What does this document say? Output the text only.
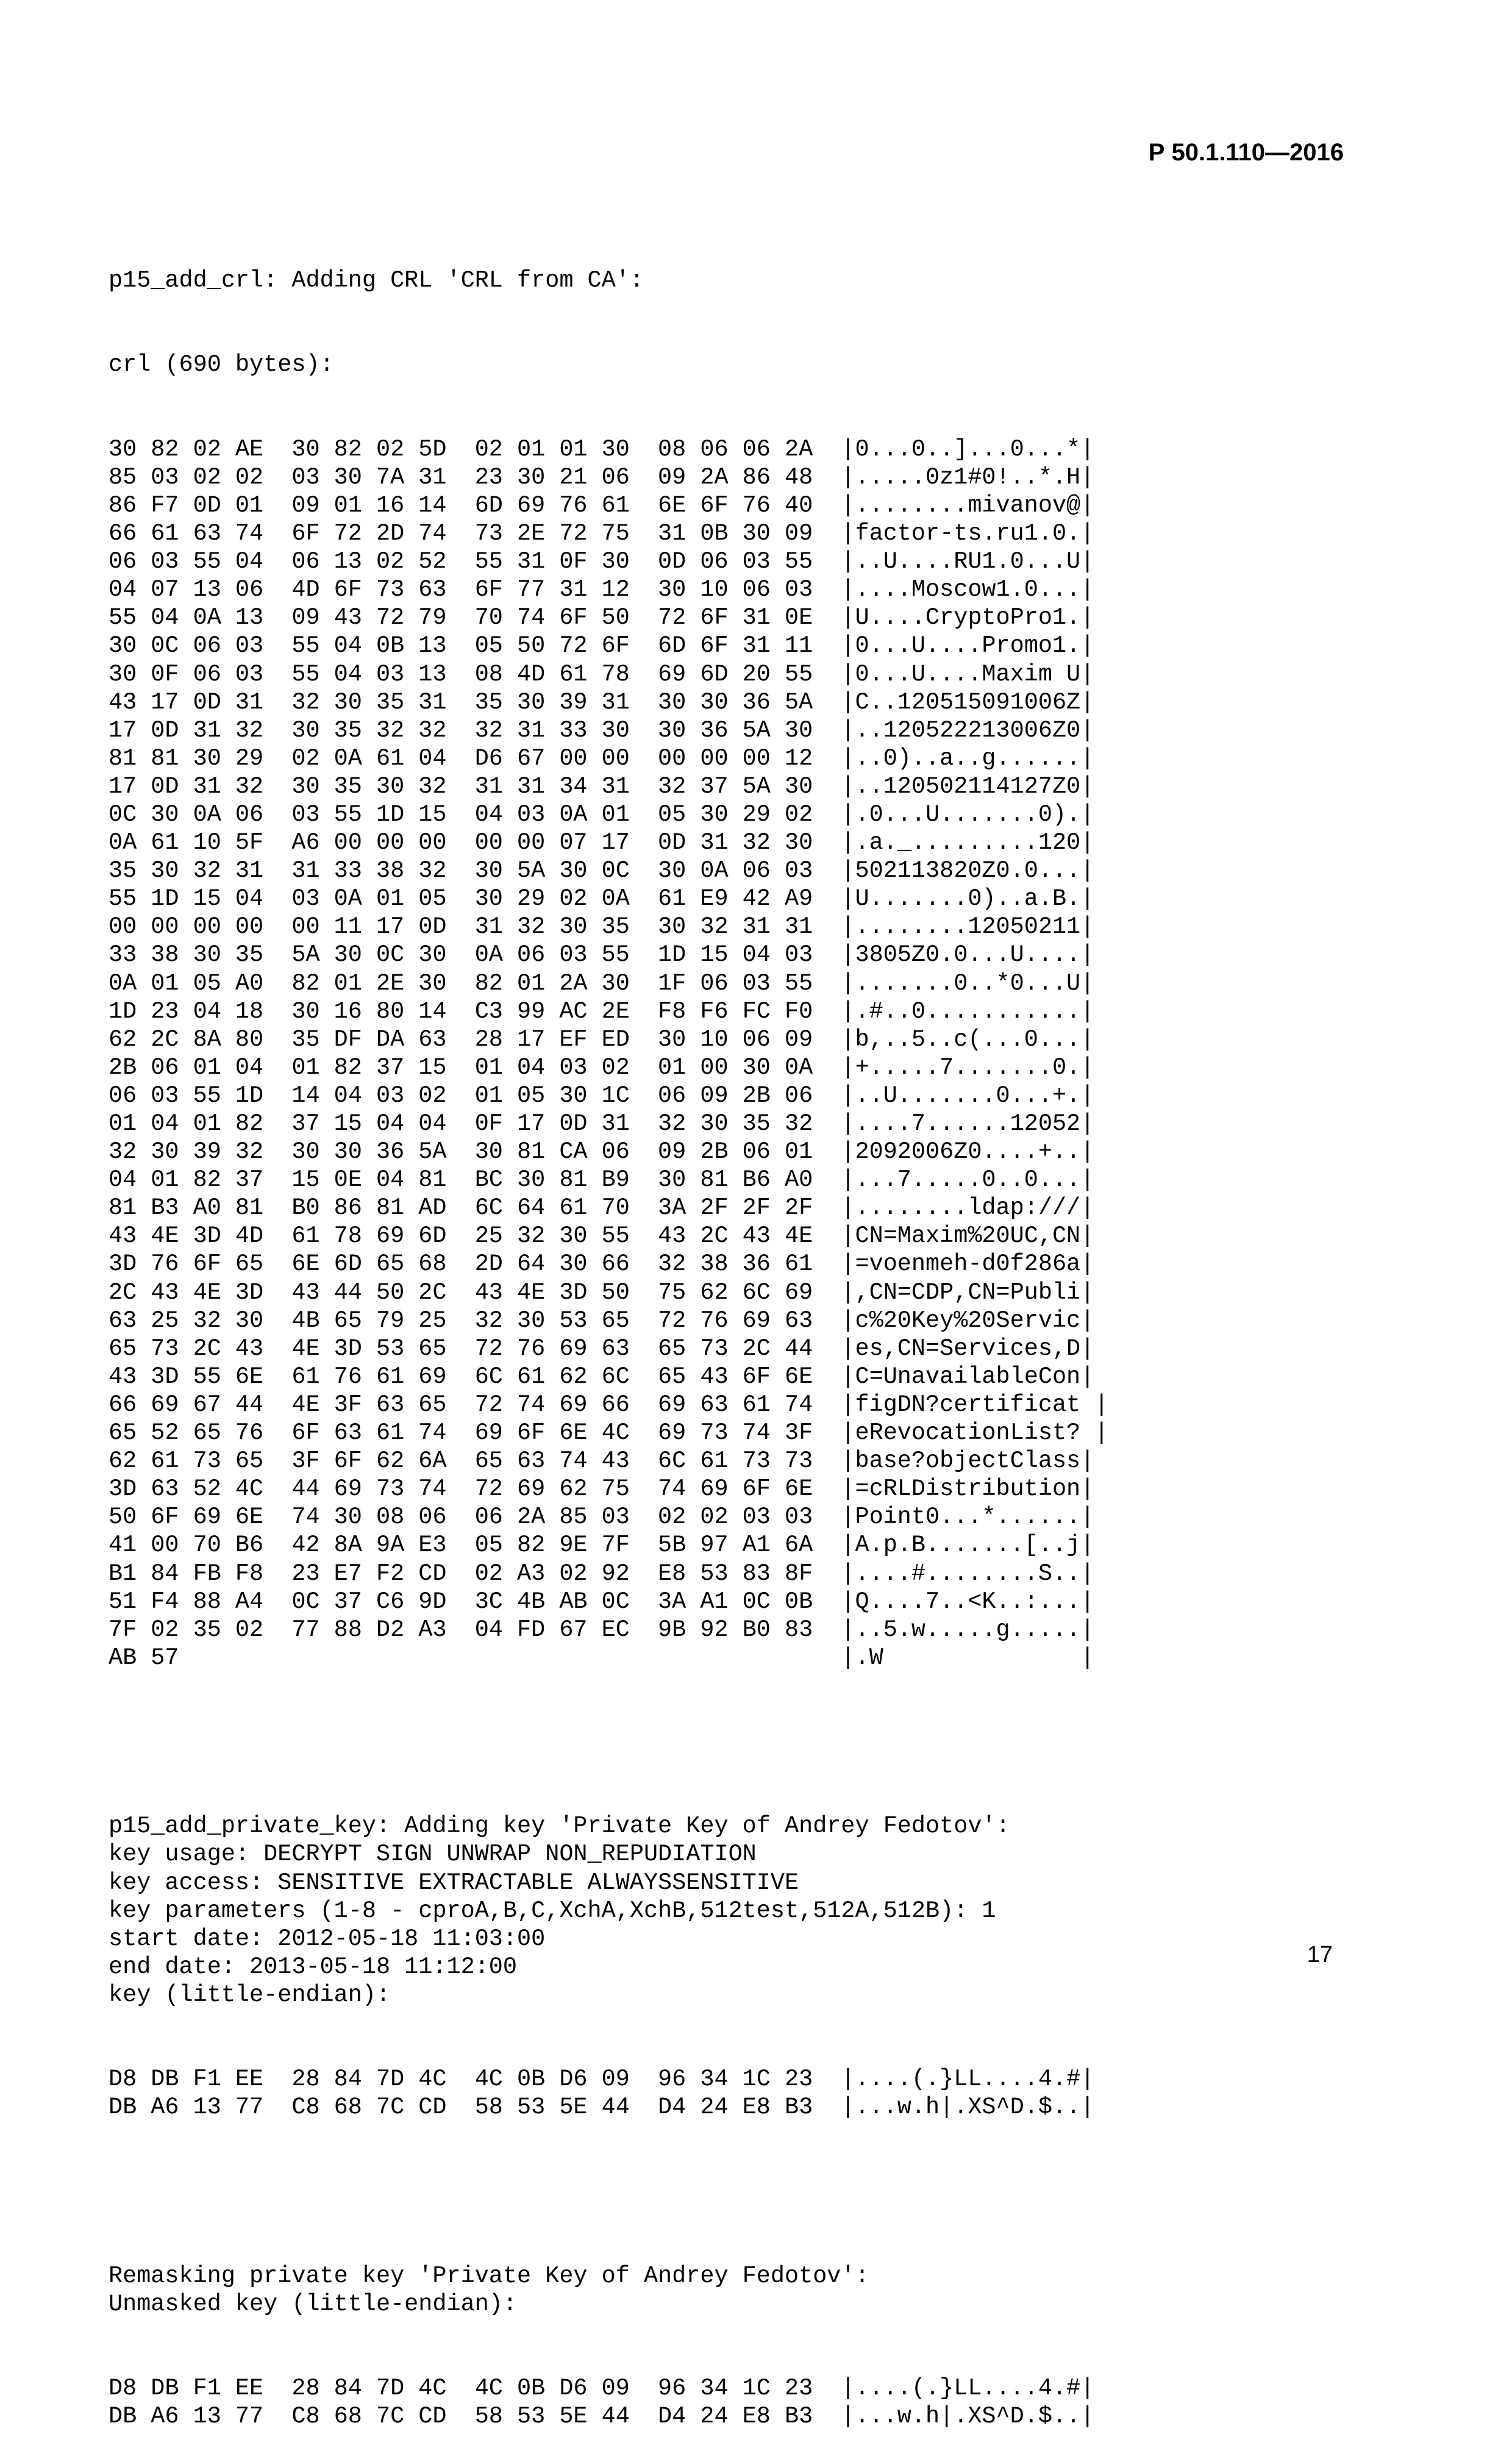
Р 50.1.110—2016

p15_add_crl: Adding CRL 'CRL from CA':

crl (690 bytes):

30 82 02 AE  30 82 02 5D  02 01 01 30  08 06 06 2A  |0...0..]...0...*|
85 03 02 02  03 30 7A 31  23 30 21 06  09 2A 86 48  |.....0z1#0!..*.H|
86 F7 0D 01  09 01 16 14  6D 69 76 61  6E 6F 76 40  |........mivanov@|
66 61 63 74  6F 72 2D 74  73 2E 72 75  31 0B 30 09  |factor-ts.ru1.0.|
06 03 55 04  06 13 02 52  55 31 0F 30  0D 06 03 55  |..U....RU1.0...U|
04 07 13 06  4D 6F 73 63  6F 77 31 12  30 10 06 03  |....Moscow1.0...|
55 04 0A 13  09 43 72 79  70 74 6F 50  72 6F 31 0E  |U....CryptoPro1.|
30 0C 06 03  55 04 0B 13  05 50 72 6F  6D 6F 31 11  |0...U....Promo1.|
30 0F 06 03  55 04 03 13  08 4D 61 78  69 6D 20 55  |0...U....Maxim U|
43 17 0D 31  32 30 35 31  35 30 39 31  30 30 36 5A  |C..120515091006Z|
17 0D 31 32  30 35 32 32  32 31 33 30  30 36 5A 30  |..120522213006Z0|
81 81 30 29  02 0A 61 04  D6 67 00 00  00 00 00 12  |..0)..a..g......|
17 0D 31 32  30 35 30 32  31 31 34 31  32 37 5A 30  |..120502114127Z0|
0C 30 0A 06  03 55 1D 15  04 03 0A 01  05 30 29 02  |.0...U.......0).|
0A 61 10 5F  A6 00 00 00  00 00 07 17  0D 31 32 30  |.a._.........120|
35 30 32 31  31 33 38 32  30 5A 30 0C  30 0A 06 03  |502113820Z0.0...|
55 1D 15 04  03 0A 01 05  30 29 02 0A  61 E9 42 A9  |U.......0)..a.B.|
00 00 00 00  00 11 17 0D  31 32 30 35  30 32 31 31  |........12050211|
33 38 30 35  5A 30 0C 30  0A 06 03 55  1D 15 04 03  |3805Z0.0...U....|
0A 01 05 A0  82 01 2E 30  82 01 2A 30  1F 06 03 55  |.......0..*0...U|
1D 23 04 18  30 16 80 14  C3 99 AC 2E  F8 F6 FC F0  |.#..0...........|
62 2C 8A 80  35 DF DA 63  28 17 EF ED  30 10 06 09  |b,..5..c(...0...|
2B 06 01 04  01 82 37 15  01 04 03 02  01 00 30 0A  |+.....7.......0.|
06 03 55 1D  14 04 03 02  01 05 30 1C  06 09 2B 06  |..U.......0...+.|
01 04 01 82  37 15 04 04  0F 17 0D 31  32 30 35 32  |....7......12052|
32 30 39 32  30 30 36 5A  30 81 CA 06  09 2B 06 01  |2092006Z0....+..|
04 01 82 37  15 0E 04 81  BC 30 81 B9  30 81 B6 A0  |...7.....0..0...|
81 B3 A0 81  B0 86 81 AD  6C 64 61 70  3A 2F 2F 2F  |........ldap:///|
43 4E 3D 4D  61 78 69 6D  25 32 30 55  43 2C 43 4E  |CN=Maxim%20UC,CN|
3D 76 6F 65  6E 6D 65 68  2D 64 30 66  32 38 36 61  |=voenmeh-d0f286a|
2C 43 4E 3D  43 44 50 2C  43 4E 3D 50  75 62 6C 69  |,CN=CDP,CN=Publi|
63 25 32 30  4B 65 79 25  32 30 53 65  72 76 69 63  |c%20Key%20Servic|
65 73 2C 43  4E 3D 53 65  72 76 69 63  65 73 2C 44  |es,CN=Services,D|
43 3D 55 6E  61 76 61 69  6C 61 62 6C  65 43 6F 6E  |C=UnavailableCon|
66 69 67 44  4E 3F 63 65  72 74 69 66  69 63 61 74  |figDN?certificat |
65 52 65 76  6F 63 61 74  69 6F 6E 4C  69 73 74 3F  |eRevocationList? |
62 61 73 65  3F 6F 62 6A  65 63 74 43  6C 61 73 73  |base?objectClass|
3D 63 52 4C  44 69 73 74  72 69 62 75  74 69 6F 6E  |=cRLDistribution|
50 6F 69 6E  74 30 08 06  06 2A 85 03  02 02 03 03  |Point0...*......|
41 00 70 B6  42 8A 9A E3  05 82 9E 7F  5B 97 A1 6A  |A.p.B.......[..j|
B1 84 FB F8  23 E7 F2 CD  02 A3 02 92  E8 53 83 8F  |....#........S..|
51 F4 88 A4  0C 37 C6 9D  3C 4B AB 0C  3A A1 0C 0B  |Q....7..<K..:...|
7F 02 35 02  77 88 D2 A3  04 FD 67 EC  9B 92 B0 83  |..5.w.....g.....|
AB 57                                               |.W              |

p15_add_private_key: Adding key 'Private Key of Andrey Fedotov':
key usage: DECRYPT SIGN UNWRAP NON_REPUDIATION
key access: SENSITIVE EXTRACTABLE ALWAYSSENSITIVE
key parameters (1-8 - cproA,B,C,XchA,XchB,512test,512A,512B): 1
start date: 2012-05-18 11:03:00
end date: 2013-05-18 11:12:00
key (little-endian):

D8 DB F1 EE  28 84 7D 4C  4C 0B D6 09  96 34 1C 23  |....(.}LL....4.#|
DB A6 13 77  C8 68 7C CD  58 53 5E 44  D4 24 E8 B3  |...w.h|.XS^D.$..|

Remasking private key 'Private Key of Andrey Fedotov':
Unmasked key (little-endian):

D8 DB F1 EE  28 84 7D 4C  4C 0B D6 09  96 34 1C 23  |....(.}LL....4.#|
DB A6 13 77  C8 68 7C CD  58 53 5E 44  D4 24 E8 B3  |...w.h|.XS^D.$..|

17
